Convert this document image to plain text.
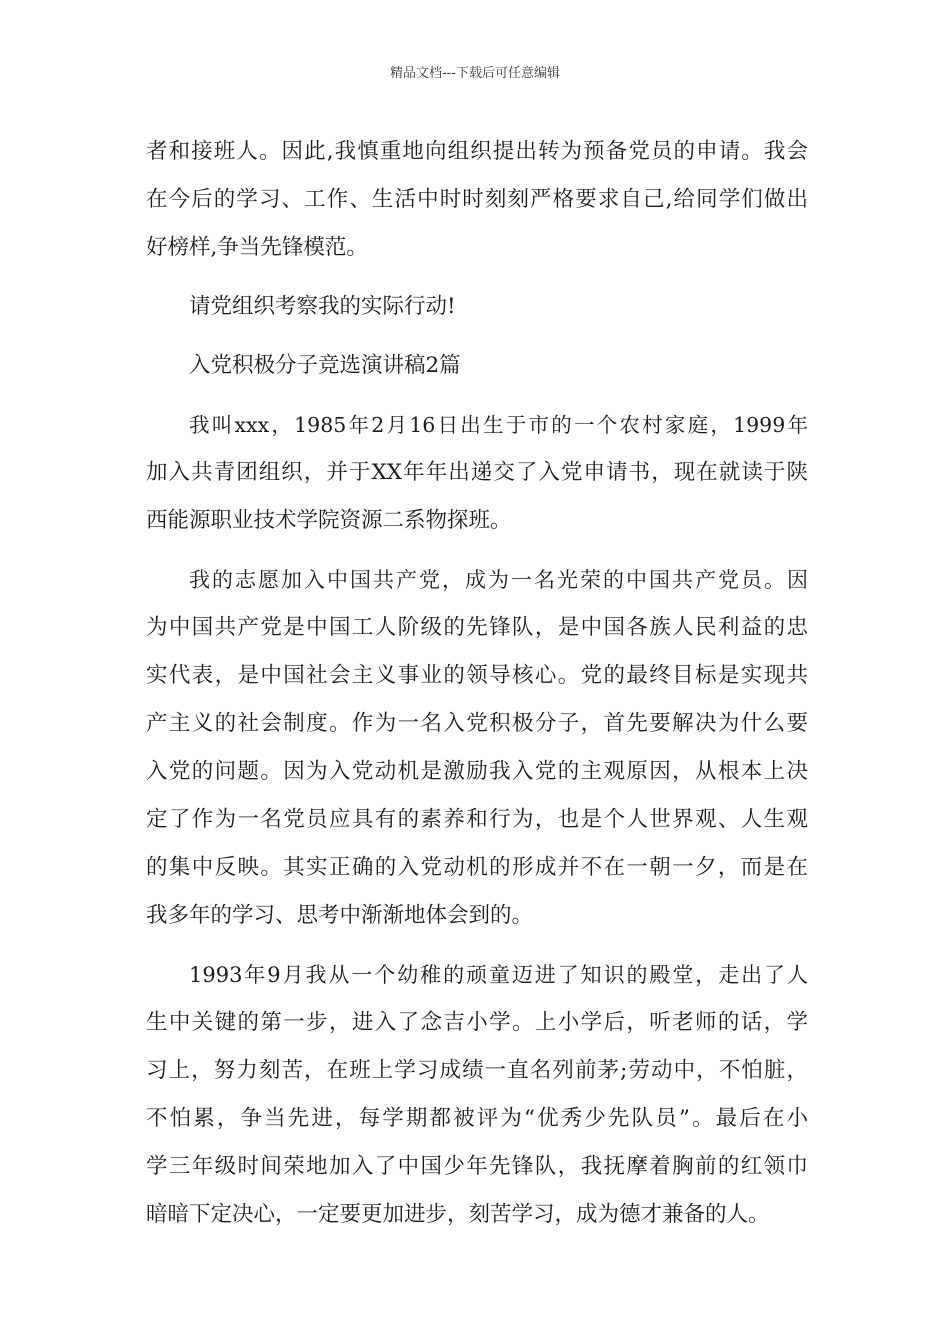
精品文档---下载后可任意编辑
者和接班人。因此,我慎重地向组织提出转为预备党员的申请。我会
在今后的学习、工作、生活中时时刻刻严格要求自己,给同学们做出
好榜样,争当先锋模范。
请党组织考察我的实际行动!
入党积极分子竞选演讲稿2篇
我叫xxx，1985年2月16日出生于市的一个农村家庭，1999年
加入共青团组织，并于XX年年出递交了入党申请书，现在就读于陕
西能源职业技术学院资源二系物探班。
我的志愿加入中国共产党，成为一名光荣的中国共产党员。因
为中国共产党是中国工人阶级的先锋队，是中国各族人民利益的忠
实代表，是中国社会主义事业的领导核心。党的最终目标是实现共
产主义的社会制度。作为一名入党积极分子，首先要解决为什么要
入党的问题。因为入党动机是激励我入党的主观原因，从根本上决
定了作为一名党员应具有的素养和行为，也是个人世界观、人生观
的集中反映。其实正确的入党动机的形成并不在一朝一夕，而是在
我多年的学习、思考中渐渐地体会到的。
1993年9月我从一个幼稚的顽童迈进了知识的殿堂，走出了人
生中关键的第一步，进入了念吉小学。上小学后，听老师的话，学
习上，努力刻苦，在班上学习成绩一直名列前茅;劳动中，不怕脏，
不怕累，争当先进，每学期都被评为“优秀少先队员”。最后在小
学三年级时间荣地加入了中国少年先锋队，我抚摩着胸前的红领巾
暗暗下定决心，一定要更加进步，刻苦学习，成为德才兼备的人。
